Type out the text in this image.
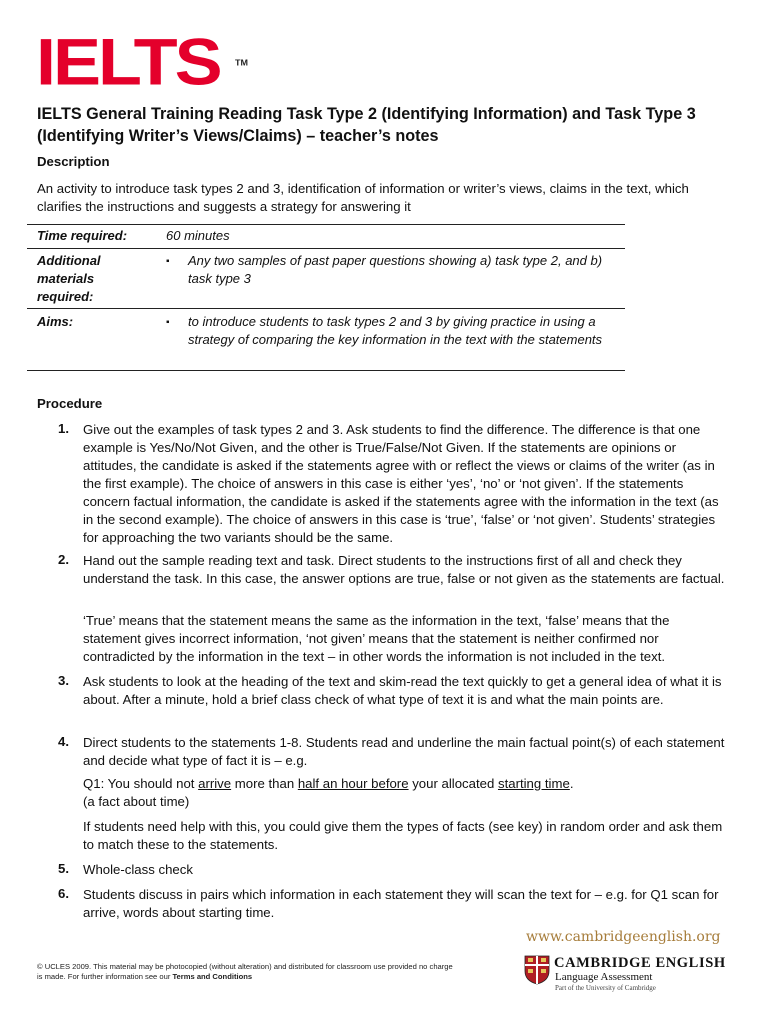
IELTS TM
IELTS General Training Reading Task Type 2 (Identifying Information) and Task Type 3 (Identifying Writer’s Views/Claims) – teacher’s notes
Description
An activity to introduce task types 2 and 3, identification of information or writer’s views, claims in the text, which clarifies the instructions and suggests a strategy for answering it
Time required:	60 minutes
Additional materials required:
▪ Any two samples of past paper questions showing a) task type 2, and b) task type 3
Aims:	▪ to introduce students to task types 2 and 3 by giving practice in using a strategy of comparing the key information in the text with the statements
Procedure
1. Give out the examples of task types 2 and 3. Ask students to find the difference. The difference is that one example is Yes/No/Not Given, and the other is True/False/Not Given. If the statements are opinions or attitudes, the candidate is asked if the statements agree with or reflect the views or claims of the writer (as in the first example). The choice of answers in this case is either ‘yes’, ‘no’ or ‘not given’. If the statements concern factual information, the candidate is asked if the statements agree with the information in the text (as in the second example). The choice of answers in this case is ‘true’, ‘false’ or ‘not given’. Students’ strategies for approaching the two variants should be the same.
2. Hand out the sample reading text and task. Direct students to the instructions first of all and check they understand the task. In this case, the answer options are true, false or not given as the statements are factual.
‘True’ means that the statement means the same as the information in the text, ‘false’ means that the statement gives incorrect information, ‘not given’ means that the statement is neither confirmed nor contradicted by the information in the text – in other words the information is not included in the text.
3. Ask students to look at the heading of the text and skim-read the text quickly to get a general idea of what it is about. After a minute, hold a brief class check of what type of text it is and what the main points are.
4. Direct students to the statements 1-8. Students read and underline the main factual point(s) of each statement and decide what type of fact it is – e.g.
Q1: You should not arrive more than half an hour before your allocated starting time.
(a fact about time)
If students need help with this, you could give them the types of facts (see key) in random order and ask them to match these to the statements.
5. Whole-class check
6. Students discuss in pairs which information in each statement they will scan the text for – e.g. for Q1 scan for arrive, words about starting time.
© UCLES 2009. This material may be photocopied (without alteration) and distributed for classroom use provided no charge is made. For further information see our Terms and Conditions
www.cambridgeenglish.org
CAMBRIDGE ENGLISH
Language Assessment
Part of the University of Cambridge
